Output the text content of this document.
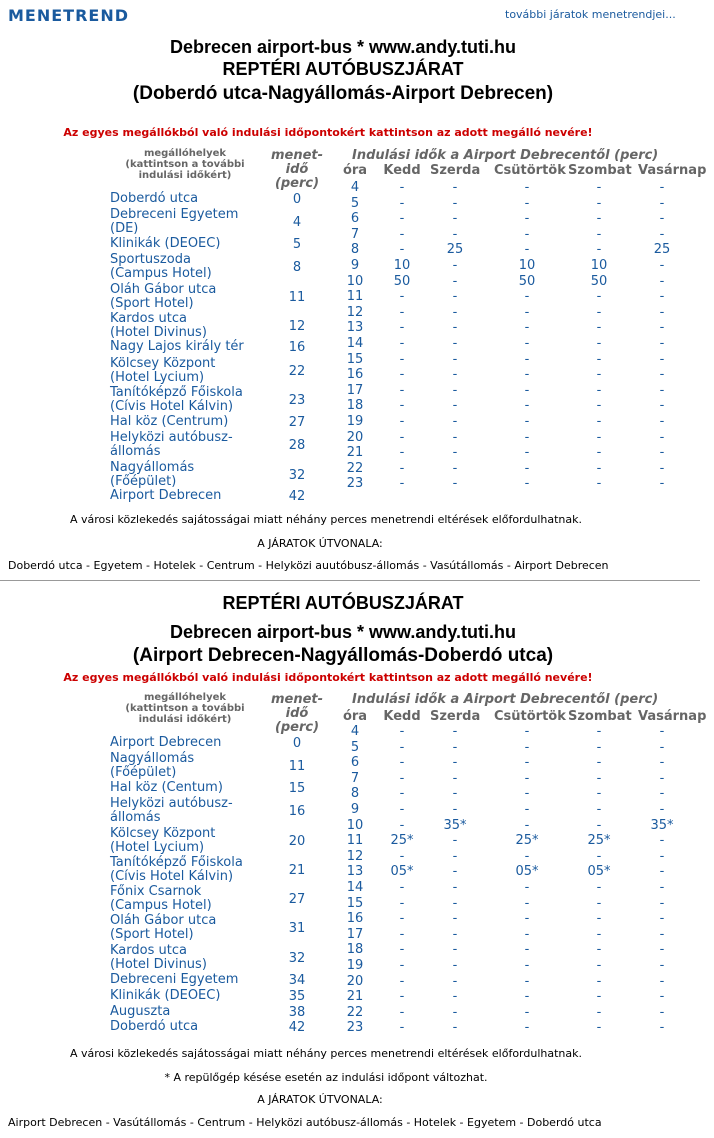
MENETREND	további járatok menetrendjei...
Debrecen airport-bus * www.andy.tuti.hu
REPTÉRI AUTÓBUSZJÁRAT
(Doberdó utca-Nagyállomás-Airport Debrecen)
Az egyes megállókból való indulási időpontokért kattintson az adott megálló nevére!
megállóhelyek
(kattintson a további
indulási időkért)
menet-
idő
(perc)
Indulási idők a Airport Debrecentől (perc)
óra Kedd Szerda Csütörtök Szombat Vasárnap
Doberdó utca	0
Debreceni Egyetem
(DE)	4
Klinikák (DEOEC)	5
Sportuszoda
(Campus Hotel)	8
Oláh Gábor utca
(Sport Hotel)	11
Kardos utca
(Hotel Divinus)	12
Nagy Lajos király tér	16
Kölcsey Központ
(Hotel Lycium)	22
Tanítóképző Főiskola
(Cívis Hotel Kálvin)	23
Hal köz (Centrum)	27
Helyközi autóbusz-
állomás	28
Nagyállomás
(Főépület)	32
Airport Debrecen	42
4	-	-	-	-	-
5	-	-	-	-	-
6	-	-	-	-	-
7	-	-	-	-	-
8	-	25	-	-	25
9	10	-	10	10	-
10	50	-	50	50	-
11	-	-	-	-	-
12	-	-	-	-	-
13	-	-	-	-	-
14	-	-	-	-	-
15	-	-	-	-	-
16	-	-	-	-	-
17	-	-	-	-	-
18	-	-	-	-	-
19	-	-	-	-	-
20	-	-	-	-	-
21	-	-	-	-	-
22	-	-	-	-	-
23	-	-	-	-	-
A városi közlekedés sajátosságai miatt néhány perces menetrendi eltérések előfordulhatnak.
A JÁRATOK ÚTVONALA:
Doberdó utca - Egyetem - Hotelek - Centrum - Helyközi auutóbusz-állomás - Vasútállomás - Airport Debrecen
REPTÉRI AUTÓBUSZJÁRAT
Debrecen airport-bus * www.andy.tuti.hu
(Airport Debrecen-Nagyállomás-Doberdó utca)
Az egyes megállókból való indulási időpontokért kattintson az adott megálló nevére!
megállóhelyek
(kattintson a további
indulási időkért)
menet-
idő
(perc)
Indulási idők a Airport Debrecentől (perc)
óra Kedd Szerda Csütörtök Szombat Vasárnap
Airport Debrecen	0
Nagyállomás
(Főépület)	11
Hal köz (Centum)	15
Helyközi autóbusz-
állomás	16
Kölcsey Központ
(Hotel Lycium)	20
Tanítóképző Főiskola
(Cívis Hotel Kálvin)	21
Főnix Csarnok
(Campus Hotel)	27
Oláh Gábor utca
(Sport Hotel)	31
Kardos utca
(Hotel Divinus)	32
Debreceni Egyetem	34
Klinikák (DEOEC)	35
Auguszta	38
Doberdó utca	42
4	-	-	-	-	-
5	-	-	-	-	-
6	-	-	-	-	-
7	-	-	-	-	-
8	-	-	-	-	-
9	-	-	-	-	-
10	-	35*	-	-	35*
11	25*	-	25*	25*	-
12	-	-	-	-	-
13	05*	-	05*	05*	-
14	-	-	-	-	-
15	-	-	-	-	-
16	-	-	-	-	-
17	-	-	-	-	-
18	-	-	-	-	-
19	-	-	-	-	-
20	-	-	-	-	-
21	-	-	-	-	-
22	-	-	-	-	-
23	-	-	-	-	-
A városi közlekedés sajátosságai miatt néhány perces menetrendi eltérések előfordulhatnak.
* A repülőgép késése esetén az indulási időpont változhat.
A JÁRATOK ÚTVONALA:
Airport Debrecen - Vasútállomás - Centrum - Helyközi autóbusz-állomás - Hotelek - Egyetem - Doberdó utca
